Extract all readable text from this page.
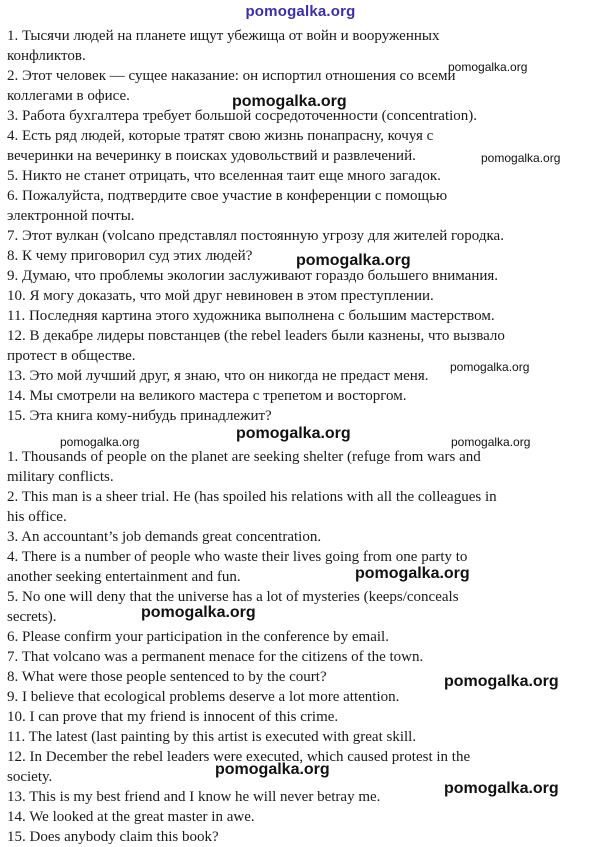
pomogalka.org

1. Тысячи людей на планете ищут убежища от войн и вооруженных

конфликтов.

2. Этот человек — сущее наказание: он испортил отношения со всеми

коллегами в офисе.

3. Работа бухгалтера требует большой сосредоточенности (concentration).

4. Есть ряд людей, которые тратят свою жизнь понапрасну, кочуя с

вечеринки на вечеринку в поисках удовольствий и развлечений.

5. Никто не станет отрицать, что вселенная таит еще много загадок.

6. Пожалуйста, подтвердите свое участие в конференции с помощью

электронной почты.

7. Этот вулкан (volcano представлял постоянную угрозу для жителей городка.

8. К чему приговорил суд этих людей?

9. Думаю, что проблемы экологии заслуживают гораздо большего внимания.

10. Я могу доказать, что мой друг невиновен в этом преступлении.

11. Последняя картина этого художника выполнена с большим мастерством.

12. В декабре лидеры повстанцев (the rebel leaders были казнены, что вызвало

протест в обществе.

13. Это мой лучший друг, я знаю, что он никогда не предаст меня.

14. Мы смотрели на великого мастера с трепетом и восторгом.

15. Эта книга кому-нибудь принадлежит?

1. Thousands of people on the planet are seeking shelter (refuge from wars and

military conflicts.

2. This man is a sheer trial. He (has spoiled his relations with all the colleagues in

his office.

3. An accountant’s job demands great concentration.

4. There is a number of people who waste their lives going from one party to

another seeking entertainment and fun.

5. No one will deny that the universe has a lot of mysteries (keeps/conceals

secrets).

6. Please confirm your participation in the conference by email.

7. That volcano was a permanent menace for the citizens of the town.

8. What were those people sentenced to by the court?

9. I believe that ecological problems deserve a lot more attention.

10. I can prove that my friend is innocent of this crime.

11. The latest (last painting by this artist is executed with great skill.

12. In December the rebel leaders were executed, which caused protest in the

society.

13. This is my best friend and I know he will never betray me.

14. We looked at the great master in awe.

15. Does anybody claim this book?

pomogalka.org
pomogalka.org
pomogalka.org
pomogalka.org
pomogalka.org
pomogalka.org
pomogalka.org	pomogalka.org
pomogalka.org
pomogalka.org
pomogalka.org
pomogalka.org
pomogalka.org
